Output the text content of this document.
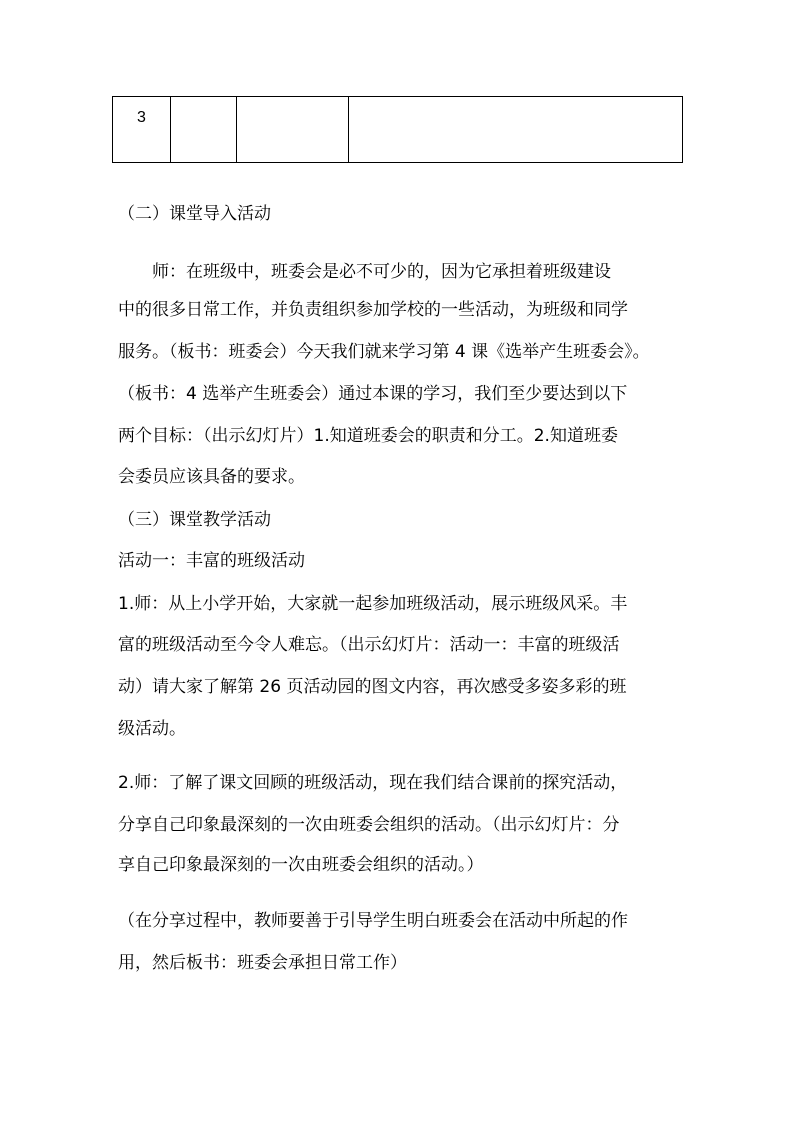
3			
（二）课堂导入活动
　　师：在班级中，班委会是必不可少的，因为它承担着班级建设
中的很多日常工作，并负责组织参加学校的一些活动，为班级和同学
服务。（板书：班委会）今天我们就来学习第 4 课《选举产生班委会》。
（板书：4 选举产生班委会）通过本课的学习，我们至少要达到以下
两个目标：（出示幻灯片）1.知道班委会的职责和分工。2.知道班委
会委员应该具备的要求。
（三）课堂教学活动
活动一：丰富的班级活动
1.师：从上小学开始，大家就一起参加班级活动，展示班级风采。丰
富的班级活动至今令人难忘。（出示幻灯片：活动一：丰富的班级活
动）请大家了解第 26 页活动园的图文内容，再次感受多姿多彩的班
级活动。
2.师：了解了课文回顾的班级活动，现在我们结合课前的探究活动，
分享自己印象最深刻的一次由班委会组织的活动。（出示幻灯片：分
享自己印象最深刻的一次由班委会组织的活动。）
（在分享过程中，教师要善于引导学生明白班委会在活动中所起的作
用，然后板书：班委会承担日常工作）
